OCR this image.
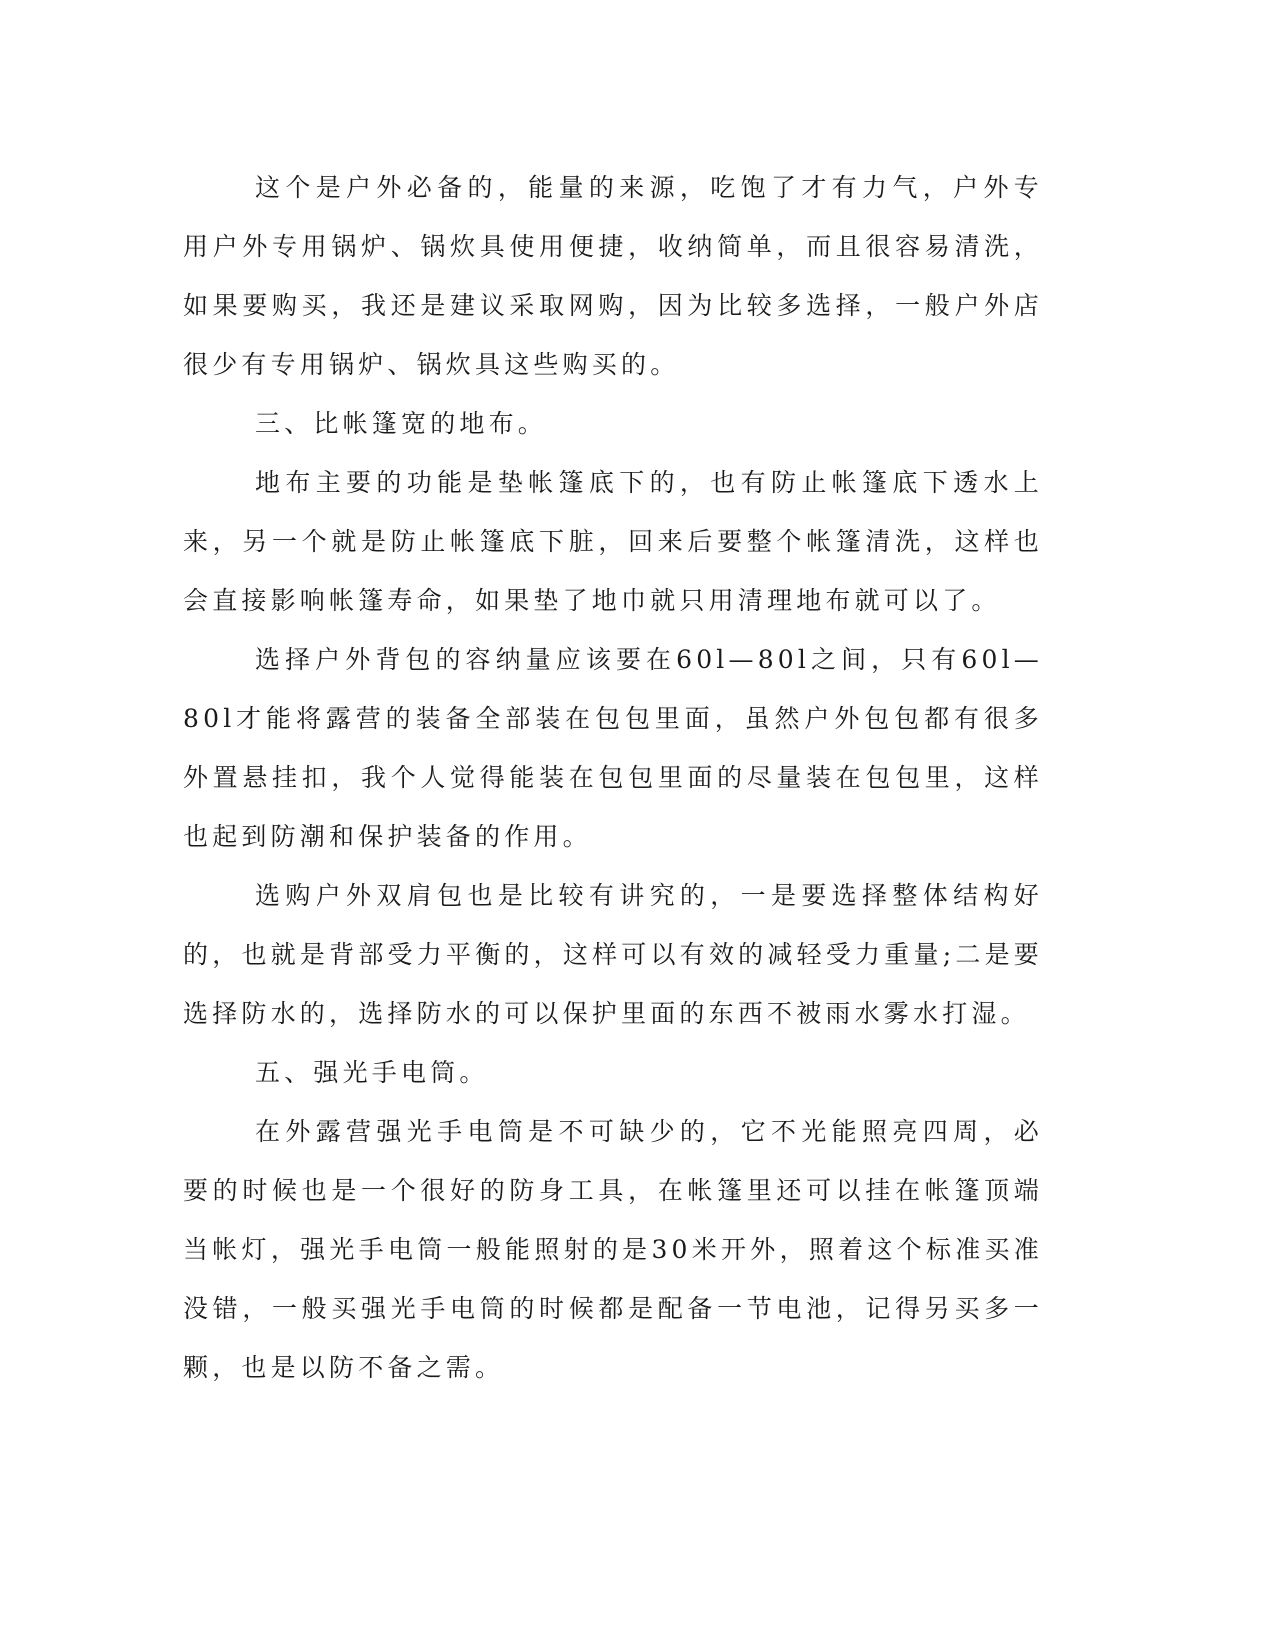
这个是户外必备的，能量的来源，吃饱了才有力气，户外专用户外专用锅炉、锅炊具使用便捷，收纳简单，而且很容易清洗，如果要购买，我还是建议采取网购，因为比较多选择，一般户外店很少有专用锅炉、锅炊具这些购买的。

三、比帐篷宽的地布。

地布主要的功能是垫帐篷底下的，也有防止帐篷底下透水上来，另一个就是防止帐篷底下脏，回来后要整个帐篷清洗，这样也会直接影响帐篷寿命，如果垫了地巾就只用清理地布就可以了。

选择户外背包的容纳量应该要在60l—80l之间，只有60l—80l才能将露营的装备全部装在包包里面，虽然户外包包都有很多外置悬挂扣，我个人觉得能装在包包里面的尽量装在包包里，这样也起到防潮和保护装备的作用。

选购户外双肩包也是比较有讲究的，一是要选择整体结构好的，也就是背部受力平衡的，这样可以有效的减轻受力重量;二是要选择防水的，选择防水的可以保护里面的东西不被雨水雾水打湿。

五、强光手电筒。

在外露营强光手电筒是不可缺少的，它不光能照亮四周，必要的时候也是一个很好的防身工具，在帐篷里还可以挂在帐篷顶端当帐灯，强光手电筒一般能照射的是30米开外，照着这个标准买准没错，一般买强光手电筒的时候都是配备一节电池，记得另买多一颗，也是以防不备之需。
